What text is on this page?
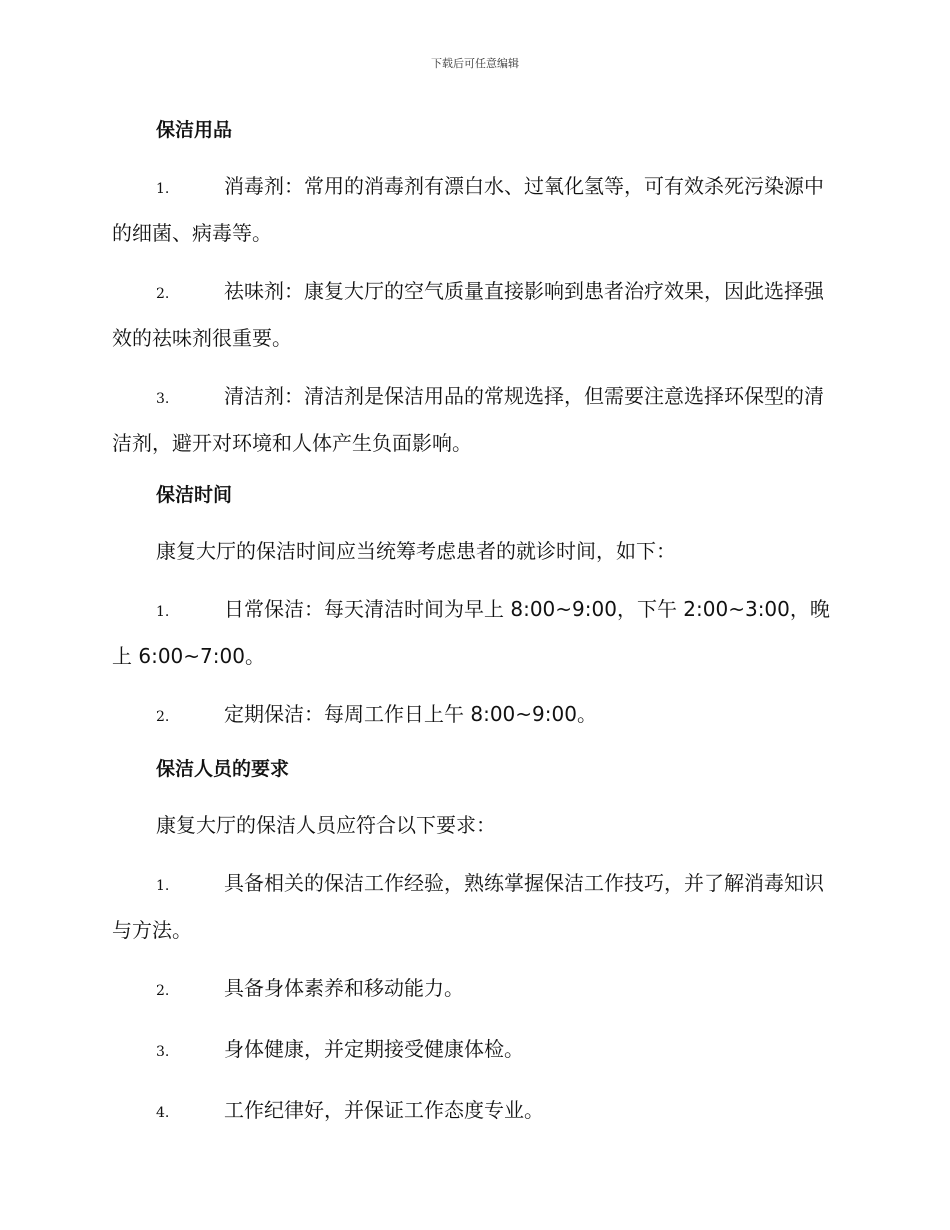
下载后可任意编辑
保洁用品

1.	消毒剂：常用的消毒剂有漂白水、过氧化氢等，可有效杀死污染源中的细菌、病毒等。

2.	祛味剂：康复大厅的空气质量直接影响到患者治疗效果，因此选择强效的祛味剂很重要。

3.	清洁剂：清洁剂是保洁用品的常规选择，但需要注意选择环保型的清洁剂，避开对环境和人体产生负面影响。

保洁时间

康复大厅的保洁时间应当统筹考虑患者的就诊时间，如下：

1.	日常保洁：每天清洁时间为早上 8:00~9:00，下午 2:00~3:00，晚上 6:00~7:00。

2.	定期保洁：每周工作日上午 8:00~9:00。

保洁人员的要求

康复大厅的保洁人员应符合以下要求：

1.	具备相关的保洁工作经验，熟练掌握保洁工作技巧，并了解消毒知识与方法。

2.	具备身体素养和移动能力。

3.	身体健康，并定期接受健康体检。

4.	工作纪律好，并保证工作态度专业。
